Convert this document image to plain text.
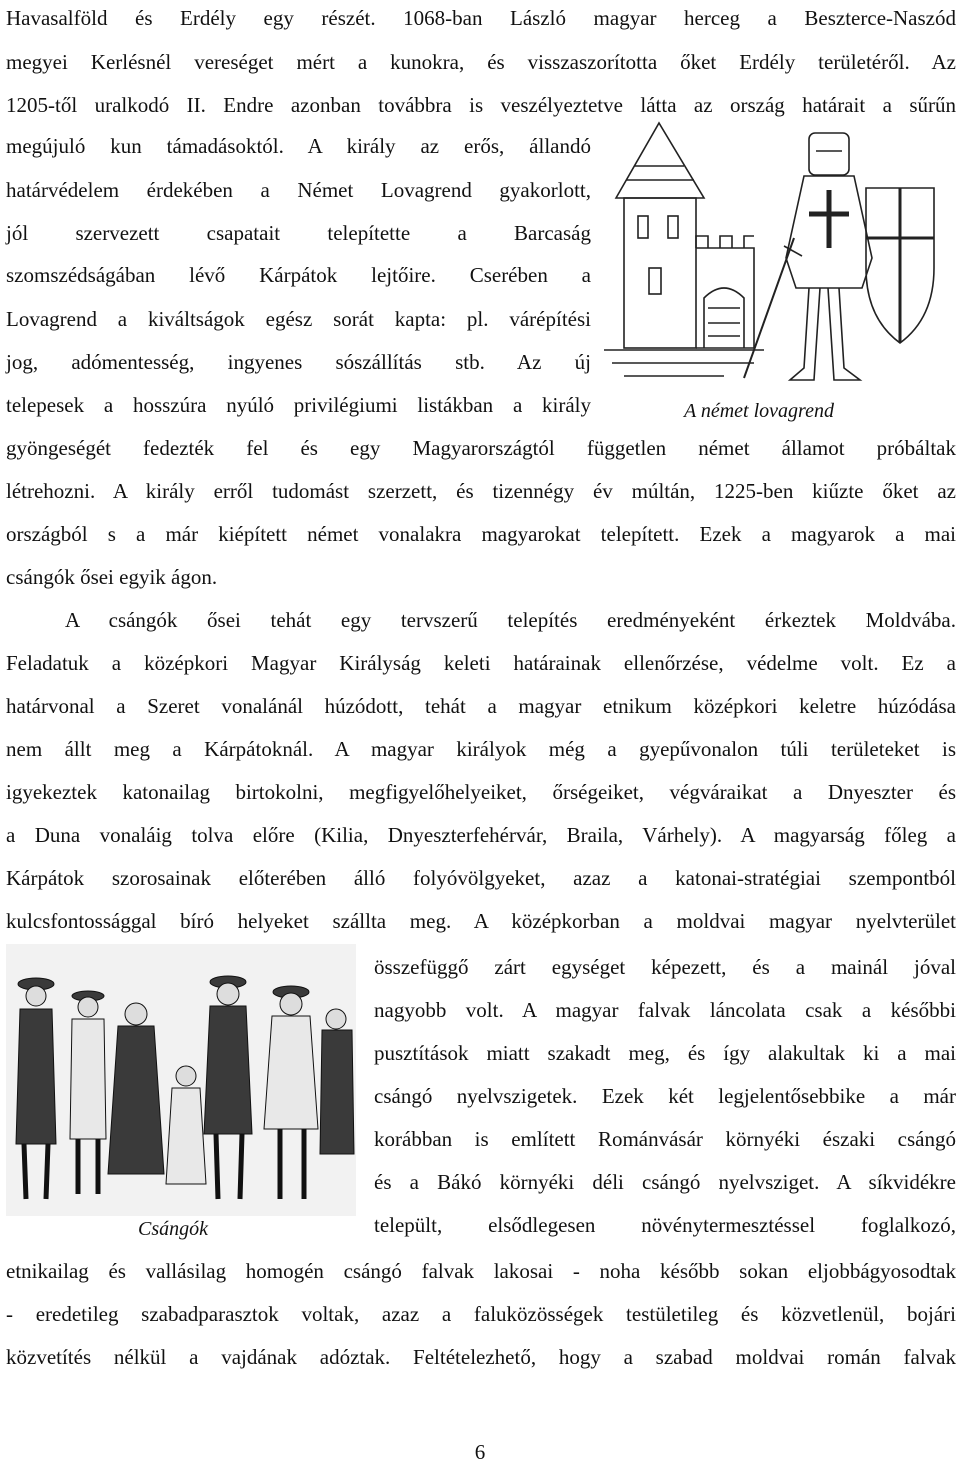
Havasalföld és Erdély egy részét. 1068-ban László magyar herceg a Beszterce-Naszód
megyei Kerlésnél vereséget mért a kunokra, és visszaszorította őket Erdély területéről. Az
1205-től uralkodó II. Endre azonban továbbra is veszélyeztetve látta az ország határait a sűrűn
megújuló kun támadásoktól. A király az erős, állandó
határvédelem érdekében a Német Lovagrend gyakorlott,
jól szervezett csapatait telepítette a Barcaság
szomszédságában lévő Kárpátok lejtőire. Cserében a
Lovagrend a kiváltságok egész sorát kapta: pl. várépítési
jog, adómentesség, ingyenes sószállítás stb. Az új
telepesek a hosszúra nyúló privilégiumi listákban a király	A német lovagrend
gyöngeségét fedezték fel és egy Magyarországtól független német államot próbáltak
létrehozni. A király erről tudomást szerzett, és tizennégy év múltán, 1225-ben kiűzte őket az
országból s a már kiépített német vonalakra magyarokat telepített. Ezek a magyarok a mai
csángók ősei egyik ágon.
A csángók ősei tehát egy tervszerű telepítés eredményeként érkeztek Moldvába.
Feladatuk a középkori Magyar Királyság keleti határainak ellenőrzése, védelme volt. Ez a
határvonal a Szeret vonalánál húzódott, tehát a magyar etnikum középkori keletre húzódása
nem állt meg a Kárpátoknál. A magyar királyok még a gyepűvonalon túli területeket is
igyekeztek katonailag birtokolni, megfigyelőhelyeiket, őrségeiket, végváraikat a Dnyeszter és
a Duna vonaláig tolva előre (Kilia, Dnyeszterfehérvár, Braila, Várhely). A magyarság főleg a
Kárpátok szorosainak előterében álló folyóvölgyeket, azaz a katonai-stratégiai szempontból
kulcsfontossággal bíró helyeket szállta meg. A középkorban a moldvai magyar nyelvterület
Csángók
összefüggő zárt egységet képezett, és a mainál jóval
nagyobb volt. A magyar falvak láncolata csak a későbbi
pusztítások miatt szakadt meg, és így alakultak ki a mai
csángó nyelvszigetek. Ezek két legjelentősebbike a már
korábban is említett Románvásár környéki északi csángó
és a Bákó környéki déli csángó nyelvsziget. A síkvidékre
települt, elsődlegesen növénytermesztéssel foglalkozó,
etnikailag és vallásilag homogén csángó falvak lakosai - noha később sokan eljobbágyosodtak
- eredetileg szabadparasztok voltak, azaz a faluközösségek testületileg és közvetlenül, bojári
közvetítés nélkül a vajdának adóztak. Feltételezhető, hogy a szabad moldvai román falvak
6
